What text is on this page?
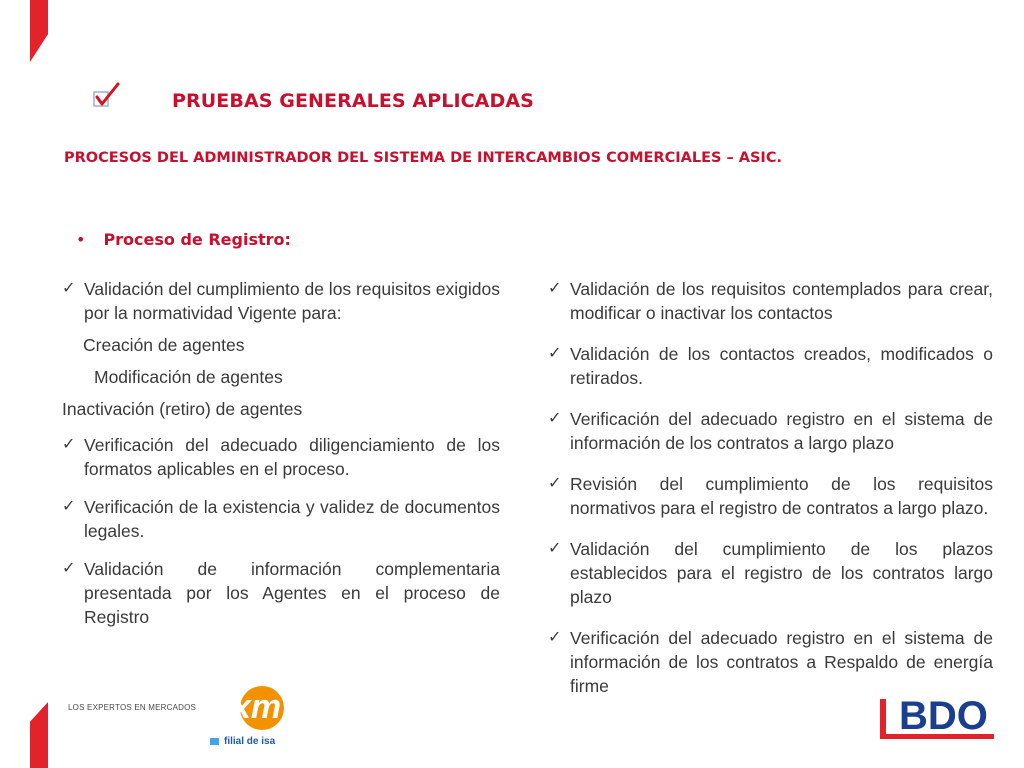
PRUEBAS GENERALES APLICADAS
PROCESOS DEL ADMINISTRADOR DEL SISTEMA DE INTERCAMBIOS COMERCIALES – ASIC.
• Proceso de Registro:
✓ Validación del cumplimiento de los requisitos exigidos por la normatividad Vigente para:
Creación de agentes
Modificación de agentes
Inactivación (retiro) de agentes
✓ Verificación del adecuado diligenciamiento de los formatos aplicables en el proceso.
✓ Verificación de la existencia y validez de documentos legales.
✓ Validación de información complementaria presentada por los Agentes en el proceso de Registro
✓ Validación de los requisitos contemplados para crear, modificar o inactivar los contactos
✓ Validación de los contactos creados, modificados o retirados.
✓ Verificación del adecuado registro en el sistema de información de los contratos a largo plazo
✓ Revisión del cumplimiento de los requisitos normativos para el registro de contratos a largo plazo.
✓ Validación del cumplimiento de los plazos establecidos para el registro de los contratos largo plazo
✓ Verificación del adecuado registro en el sistema de información de los contratos a Respaldo de energía firme
xm
LOS EXPERTOS EN MERCADOS
filial de isa
BDO
